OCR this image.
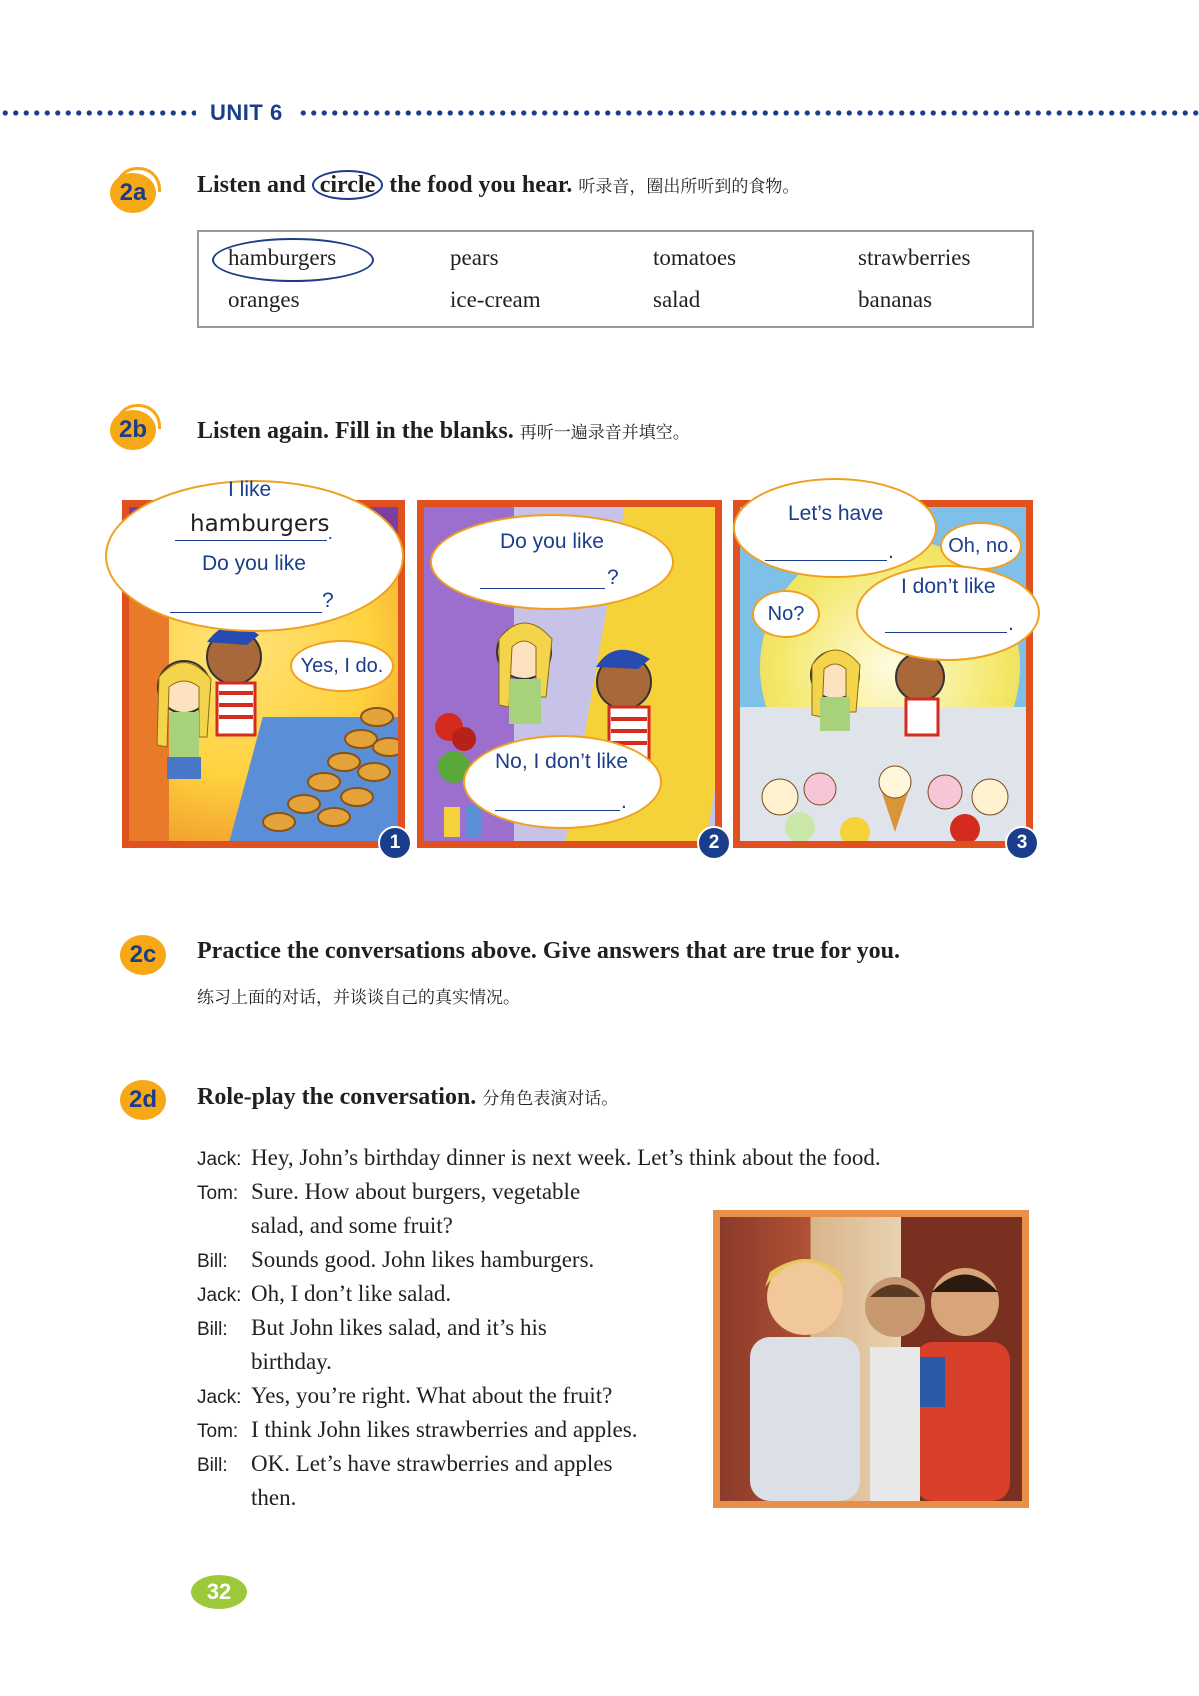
UNIT 6
2a	Listen and circle the food you hear. 听录音，圈出所听到的食物。
hamburgers	pears	tomatoes	strawberries
oranges	ice-cream	salad	bananas
2b	Listen again. Fill in the blanks. 再听一遍录音并填空。
I like
hamburgers
.
Do you like
?
Yes, I do.
1
Do you like
?
No, I don’t like
.
2
Let’s have
.	Oh, no.
No?
I don’t like
.
3
2c	Practice the conversations above. Give answers that are true for you.
练习上面的对话，并谈谈自己的真实情况。
2d	Role-play the conversation. 分角色表演对话。
Jack: Hey, John’s birthday dinner is next week. Let’s think about the food.
Tom: Sure. How about burgers, vegetable
salad, and some fruit?
Bill: Sounds good. John likes hamburgers.
Jack: Oh, I don’t like salad.
Bill: But John likes salad, and it’s his
birthday.
Jack: Yes, you’re right. What about the fruit?
Tom: I think John likes strawberries and apples.
Bill: OK. Let’s have strawberries and apples
then.
32
